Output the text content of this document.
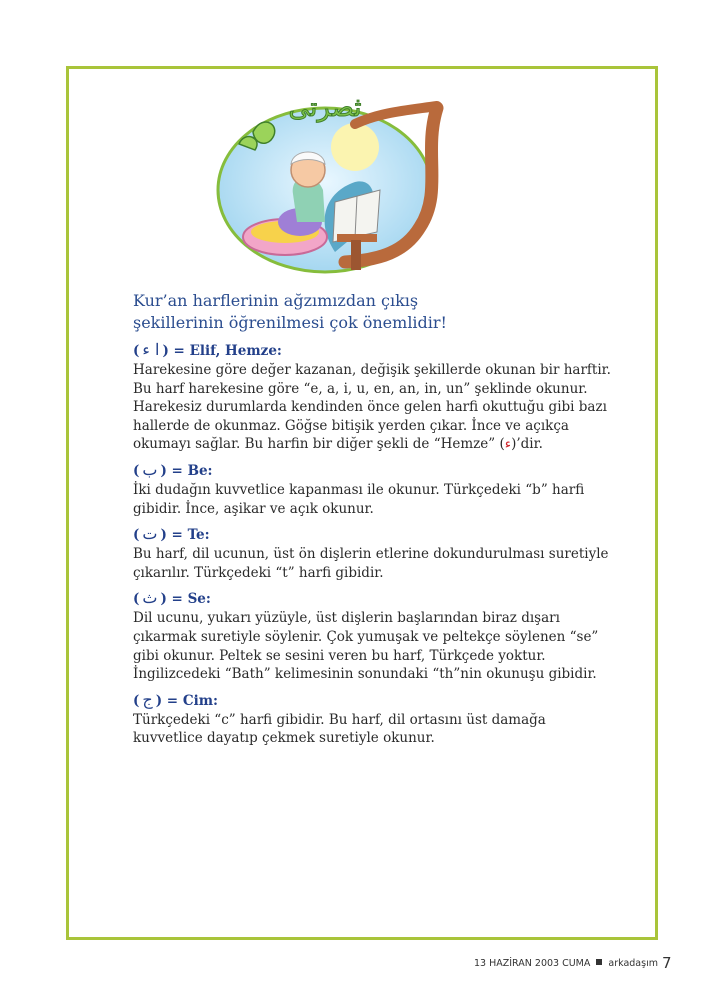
ثصرتى

Kur’an harflerinin ağzımızdan çıkış
şekillerinin öğrenilmesi çok önemlidir!

( ا ء ) = Elif, Hemze:
Harekesine göre değer kazanan, değişik şekillerde okunan bir harftir. Bu harf harekesine göre “e, a, i, u, en, an, in, un” şeklinde okunur. Harekesiz durumlarda kendinden önce gelen harfi okuttuğu gibi bazı hallerde de okunmaz. Göğse bitişik yerden çıkar. İnce ve açıkça okumayı sağlar. Bu harfin bir diğer şekli de “Hemze” (ء)’dir.
( ب ) = Be:
İki dudağın kuvvetlice kapanması ile okunur. Türkçedeki “b” harfi gibidir. İnce, aşikar ve açık okunur.
( ت ) = Te:
Bu harf, dil ucunun, üst ön dişlerin etlerine dokundurulması suretiyle çıkarılır. Türkçedeki “t” harfi gibidir.
( ث ) = Se:
Dil ucunu, yukarı yüzüyle, üst dişlerin başlarından biraz dışarı çıkarmak suretiyle söylenir. Çok yumuşak ve peltekçe söylenen “se” gibi okunur. Peltek se sesini veren bu harf, Türkçede yoktur. İngilizcedeki “Bath” kelimesinin sonundaki “th”nin okunuşu gibidir.
( ج ) = Cim:
Türkçedeki “c” harfi gibidir. Bu harf, dil ortasını üst damağa kuvvetlice dayatıp çekmek suretiyle okunur.
13 HAZİRAN 2003 CUMA arkadaşım 7
